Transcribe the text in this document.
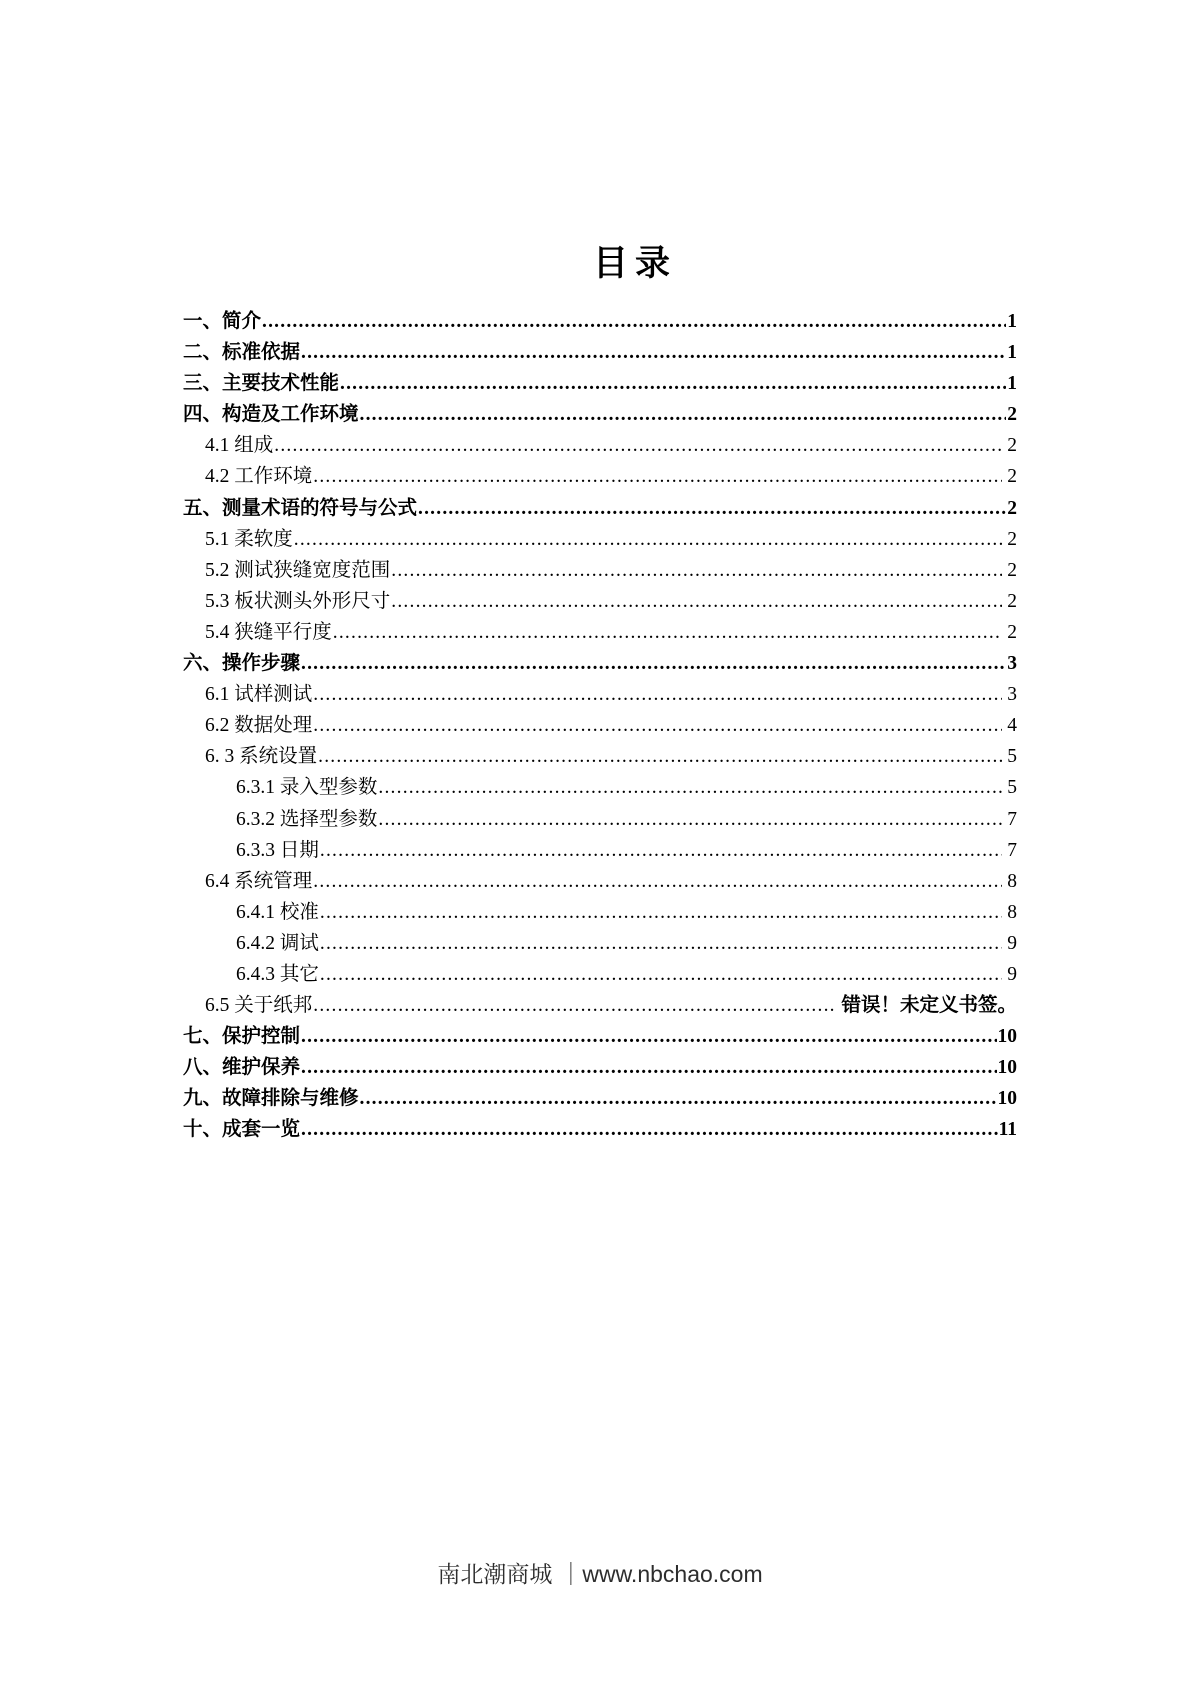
目录
一、简介 .....	1
二、标准依据 .....	1
三、主要技术性能 .....	1
四、构造及工作环境 .....	2
4.1 组成 .....	2
4.2 工作环境 .....	2
五、测量术语的符号与公式 .....	2
5.1 柔软度 .....	2
5.2 测试狭缝宽度范围 .....	2
5.3 板状测头外形尺寸 .....	2
5.4 狭缝平行度 .....	2
六、操作步骤 .....	3
6.1 试样测试 .....	3
6.2 数据处理 .....	4
6. 3 系统设置 .....	5
6.3.1 录入型参数 .....	5
6.3.2 选择型参数 .....	7
6.3.3 日期 .....	7
6.4 系统管理 .....	8
6.4.1 校准 .....	8
6.4.2 调试 .....	9
6.4.3 其它 .....	9
6.5 关于纸邦 .....	错误！未定义书签。
七、保护控制 .....	10
八、维护保养 .....	10
九、故障排除与维修 .....	10
十、成套一览 .....	11
南北潮商城 ｜www.nbchao.com
